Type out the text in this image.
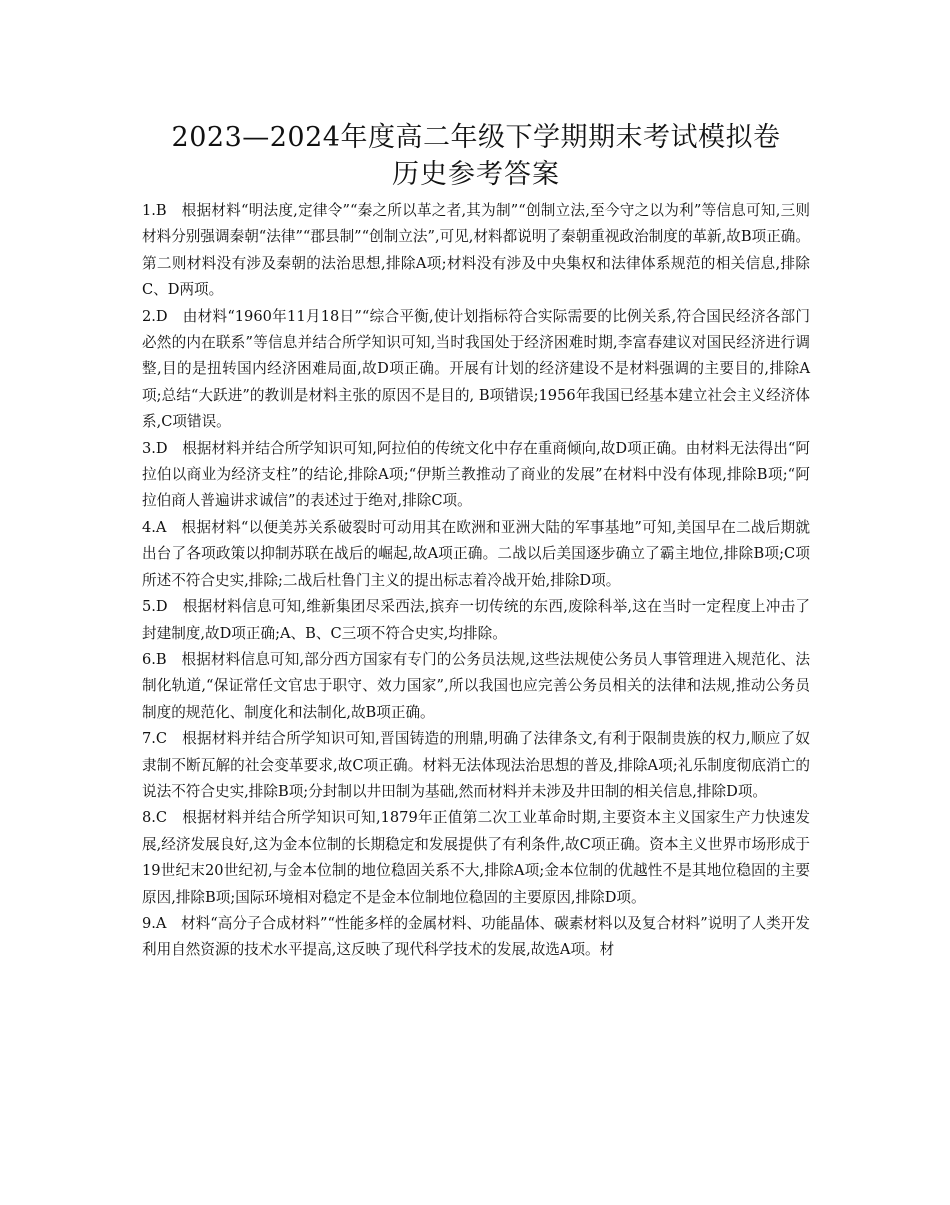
2023—2024年度高二年级下学期期末考试模拟卷
历史参考答案

1.B　根据材料“明法度,定律令”“秦之所以革之者,其为制”“创制立法,至今守之以为利”等信息可知,三则材料分别强调秦朝“法律”“郡县制”“创制立法”,可见,材料都说明了秦朝重视政治制度的革新,故B项正确。第二则材料没有涉及秦朝的法治思想,排除A项;材料没有涉及中央集权和法律体系规范的相关信息,排除C、D两项。

2.D　由材料“1960年11月18日”“综合平衡,使计划指标符合实际需要的比例关系,符合国民经济各部门必然的内在联系”等信息并结合所学知识可知,当时我国处于经济困难时期,李富春建议对国民经济进行调整,目的是扭转国内经济困难局面,故D项正确。开展有计划的经济建设不是材料强调的主要目的,排除A项;总结“大跃进”的教训是材料主张的原因不是目的, B项错误;1956年我国已经基本建立社会主义经济体系,C项错误。

3.D　根据材料并结合所学知识可知,阿拉伯的传统文化中存在重商倾向,故D项正确。由材料无法得出“阿拉伯以商业为经济支柱”的结论,排除A项;“伊斯兰教推动了商业的发展”在材料中没有体现,排除B项;“阿拉伯商人普遍讲求诚信”的表述过于绝对,排除C项。

4.A　根据材料“以便美苏关系破裂时可动用其在欧洲和亚洲大陆的军事基地”可知,美国早在二战后期就出台了各项政策以抑制苏联在战后的崛起,故A项正确。二战以后美国逐步确立了霸主地位,排除B项;C项所述不符合史实,排除;二战后杜鲁门主义的提出标志着冷战开始,排除D项。

5.D　根据材料信息可知,维新集团尽采西法,摈弃一切传统的东西,废除科举,这在当时一定程度上冲击了封建制度,故D项正确;A、B、C三项不符合史实,均排除。

6.B　根据材料信息可知,部分西方国家有专门的公务员法规,这些法规使公务员人事管理进入规范化、法制化轨道,“保证常任文官忠于职守、效力国家”,所以我国也应完善公务员相关的法律和法规,推动公务员制度的规范化、制度化和法制化,故B项正确。

7.C　根据材料并结合所学知识可知,晋国铸造的刑鼎,明确了法律条文,有利于限制贵族的权力,顺应了奴隶制不断瓦解的社会变革要求,故C项正确。材料无法体现法治思想的普及,排除A项;礼乐制度彻底消亡的说法不符合史实,排除B项;分封制以井田制为基础,然而材料并未涉及井田制的相关信息,排除D项。

8.C　根据材料并结合所学知识可知,1879年正值第二次工业革命时期,主要资本主义国家生产力快速发展,经济发展良好,这为金本位制的长期稳定和发展提供了有利条件,故C项正确。资本主义世界市场形成于19世纪末20世纪初,与金本位制的地位稳固关系不大,排除A项;金本位制的优越性不是其地位稳固的主要原因,排除B项;国际环境相对稳定不是金本位制地位稳固的主要原因,排除D项。

9.A　材料“高分子合成材料”“性能多样的金属材料、功能晶体、碳素材料以及复合材料”说明了人类开发利用自然资源的技术水平提高,这反映了现代科学技术的发展,故选A项。材
